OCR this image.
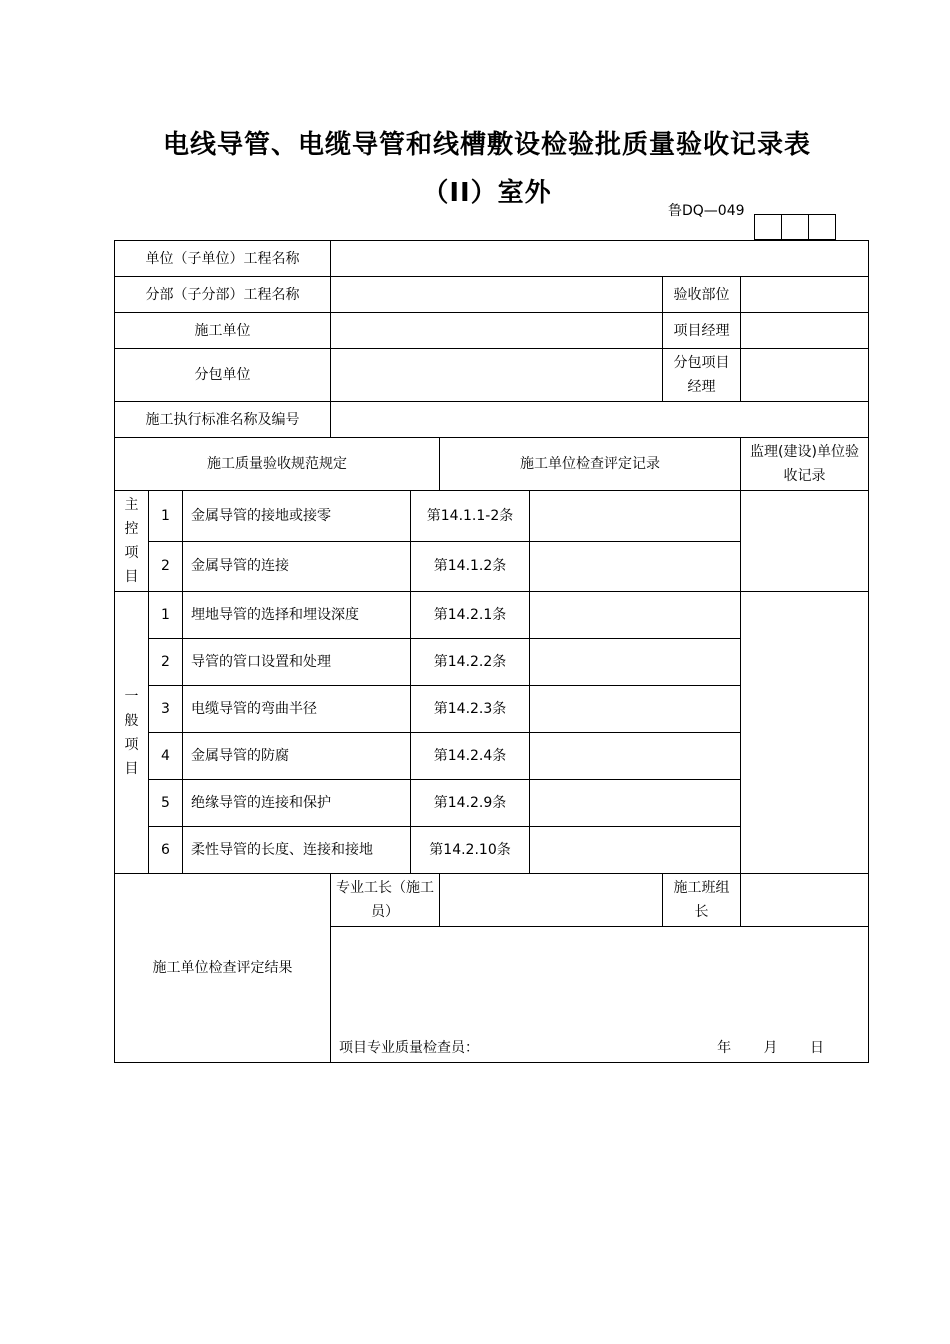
电线导管、电缆导管和线槽敷设检验批质量验收记录表
（ⅠⅠ）室外
鲁DQ—049
单位（子单位）工程名称								
分部（子分部）工程名称							验收部位	
施工单位							项目经理	
分包单位							分包项目经理	
施工执行标准名称及编号								
施工质量验收规范规定					施工单位检查评定记录			监理(建设)单位验收记录
主控项目	1	金属导管的接地或接零		第14.1.1-2条				
	2	金属导管的连接		第14.1.2条				
一般项目	1	埋地导管的选择和埋设深度		第14.2.1条				
	2	导管的管口设置和处理		第14.2.2条				
	3	电缆导管的弯曲半径		第14.2.3条				
	4	金属导管的防腐		第14.2.4条				
	5	绝缘导管的连接和保护		第14.2.9条				
	6	柔性导管的长度、连接和接地		第14.2.10条				
施工单位检查评定结果			专业工长（施工员）				施工班组长	

			项目专业质量检查员： 年 月 日					
